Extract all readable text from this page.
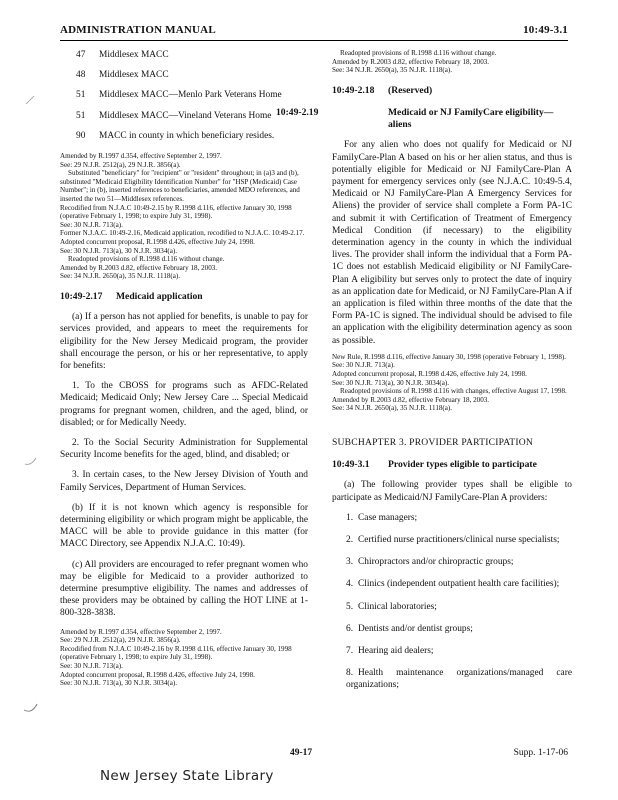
ADMINISTRATION MANUAL	10:49-3.1

47 Middlesex MACC

48 Middlesex MACC

51 Middlesex MACC—Menlo Park Veterans Home

51 Middlesex MACC—Vineland Veterans Home

90 MACC in county in which beneficiary resides.

Amended by R.1997 d.354, effective September 2, 1997.

See: 29 N.J.R. 2512(a), 29 N.J.R. 3856(a).

Substituted "beneficiary" for "recipient" or "resident" throughout; in (a)3 and (b), substituted "Medicaid Eligibility Identification Number" for "HSP (Medicaid) Case Number"; in (b), inserted references to beneficiaries, amended MDO references, and inserted the two 51—Middlesex references.

Recodified from N.J.A.C 10:49-2.15 by R.1998 d.116, effective January 30, 1998 (operative February 1, 1998; to expire July 31, 1998).

See: 30 N.J.R. 713(a).

Former N.J.A.C. 10:49-2.16, Medicaid application, recodified to N.J.A.C. 10:49-2.17.

Adopted concurrent proposal, R.1998 d.426, effective July 24, 1998.

See: 30 N.J.R. 713(a), 30 N.J.R. 3034(a).

Readopted provisions of R.1998 d.116 without change.

Amended by R.2003 d.82, effective February 18, 2003.

See: 34 N.J.R. 2650(a), 35 N.J.R. 1118(a).

10:49-2.17 Medicaid application

(a) If a person has not applied for benefits, is unable to pay for services provided, and appears to meet the requirements for eligibility for the New Jersey Medicaid program, the provider shall encourage the person, or his or her representative, to apply for benefits:

1. To the CBOSS for programs such as AFDC-Related Medicaid; Medicaid Only; New Jersey Care ... Special Medicaid programs for pregnant women, children, and the aged, blind, or disabled; or for Medically Needy.

2. To the Social Security Administration for Supplemental Security Income benefits for the aged, blind, and disabled; or

3. In certain cases, to the New Jersey Division of Youth and Family Services, Department of Human Services.

(b) If it is not known which agency is responsible for determining eligibility or which program might be applicable, the MACC will be able to provide guidance in this matter (for MACC Directory, see Appendix N.J.A.C. 10:49).

(c) All providers are encouraged to refer pregnant women who may be eligible for Medicaid to a provider authorized to determine presumptive eligibility. The names and addresses of these providers may be obtained by calling the HOT LINE at 1-800-328-3838.

Amended by R.1997 d.354, effective September 2, 1997.

See: 29 N.J.R. 2512(a), 29 N.J.R. 3856(a).

Recodified from N.J.A.C 10:49-2.16 by R.1998 d.116, effective January 30, 1998 (operative February 1, 1998; to expire July 31, 1998).

See: 30 N.J.R. 713(a).

Adopted concurrent proposal, R.1998 d.426, effective July 24, 1998.

See: 30 N.J.R. 713(a), 30 N.J.R. 3034(a).

Readopted provisions of R.1998 d.116 without change.

Amended by R.2003 d.82, effective February 18, 2003.

See: 34 N.J.R. 2650(a), 35 N.J.R. 1118(a).

10:49-2.18 (Reserved)
10:49-2.19	Medicaid or NJ FamilyCare eligibility—aliens

For any alien who does not qualify for Medicaid or NJ FamilyCare-Plan A based on his or her alien status, and thus is potentially eligible for Medicaid or NJ FamilyCare-Plan A payment for emergency services only (see N.J.A.C. 10:49-5.4, Medicaid or NJ FamilyCare-Plan A Emergency Services for Aliens) the provider of service shall complete a Form PA-1C and submit it with Certification of Treatment of Emergency Medical Condition (if necessary) to the eligibility determination agency in the county in which the individual lives. The provider shall inform the individual that a Form PA-1C does not establish Medicaid eligibility or NJ FamilyCare-Plan A eligibility but serves only to protect the date of inquiry as an application date for Medicaid, or NJ FamilyCare-Plan A if an application is filed within three months of the date that the Form PA-1C is signed. The individual should be advised to file an application with the eligibility determination agency as soon as possible.

New Rule, R.1998 d.116, effective January 30, 1998 (operative February 1, 1998).

See: 30 N.J.R. 713(a).

Adopted concurrent proposal, R.1998 d.426, effective July 24, 1998.

See: 30 N.J.R. 713(a), 30 N.J.R. 3034(a).

Readopted provisions of R.1998 d.116 with changes, effective August 17, 1998.

Amended by R.2003 d.82, effective February 18, 2003.

See: 34 N.J.R. 2650(a), 35 N.J.R. 1118(a).

SUBCHAPTER 3. PROVIDER PARTICIPATION
10:49-3.1 Provider types eligible to participate

(a) The following provider types shall be eligible to participate as Medicaid/NJ FamilyCare-Plan A providers:

1. Case managers;

2. Certified nurse practitioners/clinical nurse specialists;

3. Chiropractors and/or chiropractic groups;

4. Clinics (independent outpatient health care facilities);

5. Clinical laboratories;

6. Dentists and/or dentist groups;

7. Hearing aid dealers;

8. Health maintenance organizations/managed care organizations;

49-17	Supp. 1-17-06
New Jersey State Library
